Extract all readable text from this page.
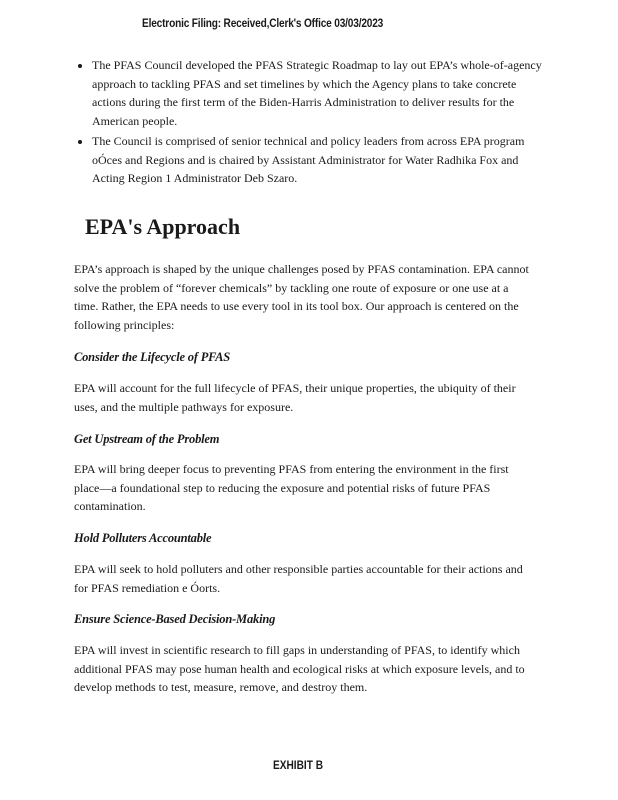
Electronic Filing: Received,Clerk's Office 03/03/2023
• The PFAS Council developed the PFAS Strategic Roadmap to lay out EPA’s whole-of-agency approach to tackling PFAS and set timelines by which the Agency plans to take concrete actions during the first term of the Biden-Harris Administration to deliver results for the American people.
• The Council is comprised of senior technical and policy leaders from across EPA program oÓces and Regions and is chaired by Assistant Administrator for Water Radhika Fox and Acting Region 1 Administrator Deb Szaro.
EPA's Approach

EPA’s approach is shaped by the unique challenges posed by PFAS contamination. EPA cannot solve the problem of “forever chemicals” by tackling one route of exposure or one use at a time. Rather, the EPA needs to use every tool in its tool box. Our approach is centered on the following principles:

Consider the Lifecycle of PFAS

EPA will account for the full lifecycle of PFAS, their unique properties, the ubiquity of their uses, and the multiple pathways for exposure.

Get Upstream of the Problem

EPA will bring deeper focus to preventing PFAS from entering the environment in the first place—a foundational step to reducing the exposure and potential risks of future PFAS contamination.

Hold Polluters Accountable

EPA will seek to hold polluters and other responsible parties accountable for their actions and for PFAS remediation e Óorts.

Ensure Science-Based Decision-Making

EPA will invest in scientific research to fill gaps in understanding of PFAS, to identify which additional PFAS may pose human health and ecological risks at which exposure levels, and to develop methods to test, measure, remove, and destroy them.

EXHIBIT B
